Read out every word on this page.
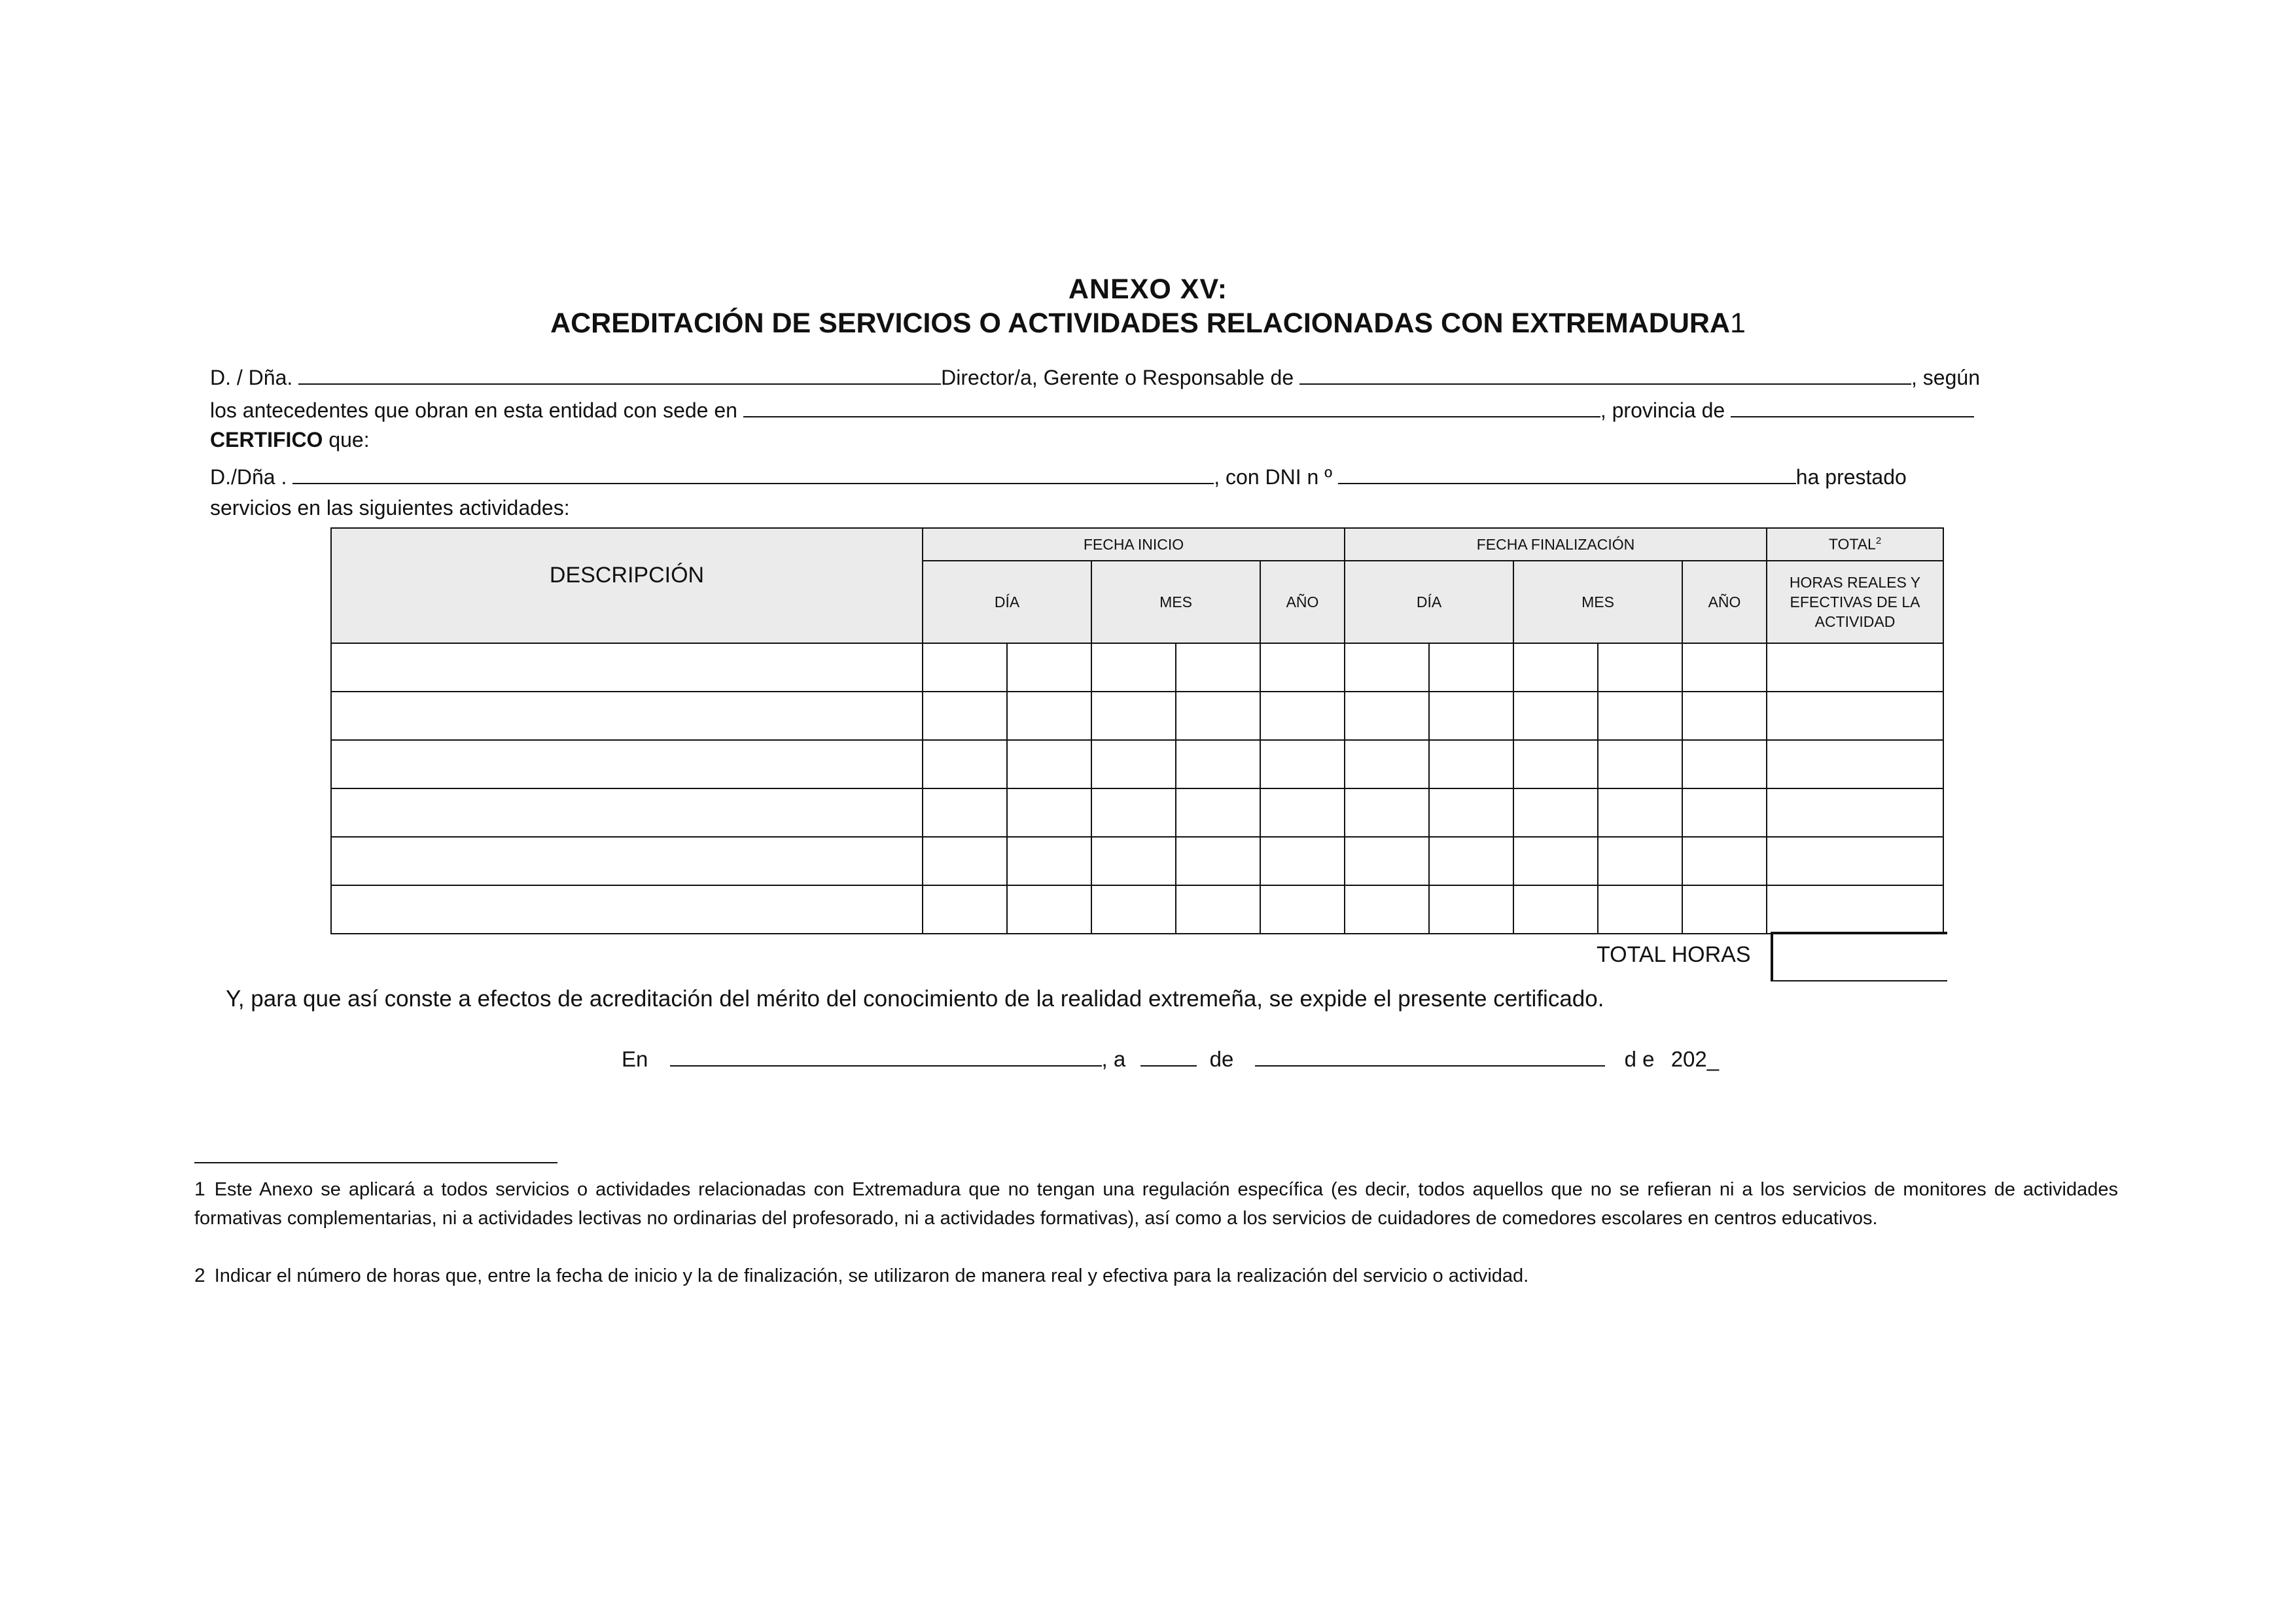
ANEXO XV:
ACREDITACIÓN DE SERVICIOS O ACTIVIDADES RELACIONADAS CON EXTREMADURA1
D. / Dña.	Director/a, Gerente o Responsable de	, según
los antecedentes que obran en esta entidad con sede en	, provincia de
CERTIFICO que:
D./Dña .	, con DNI n º	ha prestado
servicios en las siguientes actividades:
DESCRIPCIÓN	FECHA INICIO					FECHA FINALIZACIÓN					TOTAL$^2$
	DÍA		MES		AÑO	DÍA		MES		AÑO	HORAS REALES Y EFECTIVAS DE LA ACTIVIDAD

TOTAL HORAS
Y, para que así conste a efectos de acreditación del mérito del conocimiento de la realidad extremeña, se expide el presente certificado.
En	, a	de	d e 202_
1 Este Anexo se aplicará a todos servicios o actividades relacionadas con Extremadura que no tengan una regulación específica (es decir, todos aquellos que no se refieran ni a los servicios de monitores de actividades formativas complementarias, ni a actividades lectivas no ordinarias del profesorado, ni a actividades formativas), así como a los servicios de cuidadores de comedores escolares en centros educativos.
2 Indicar el número de horas que, entre la fecha de inicio y la de finalización, se utilizaron de manera real y efectiva para la realización del servicio o actividad.
